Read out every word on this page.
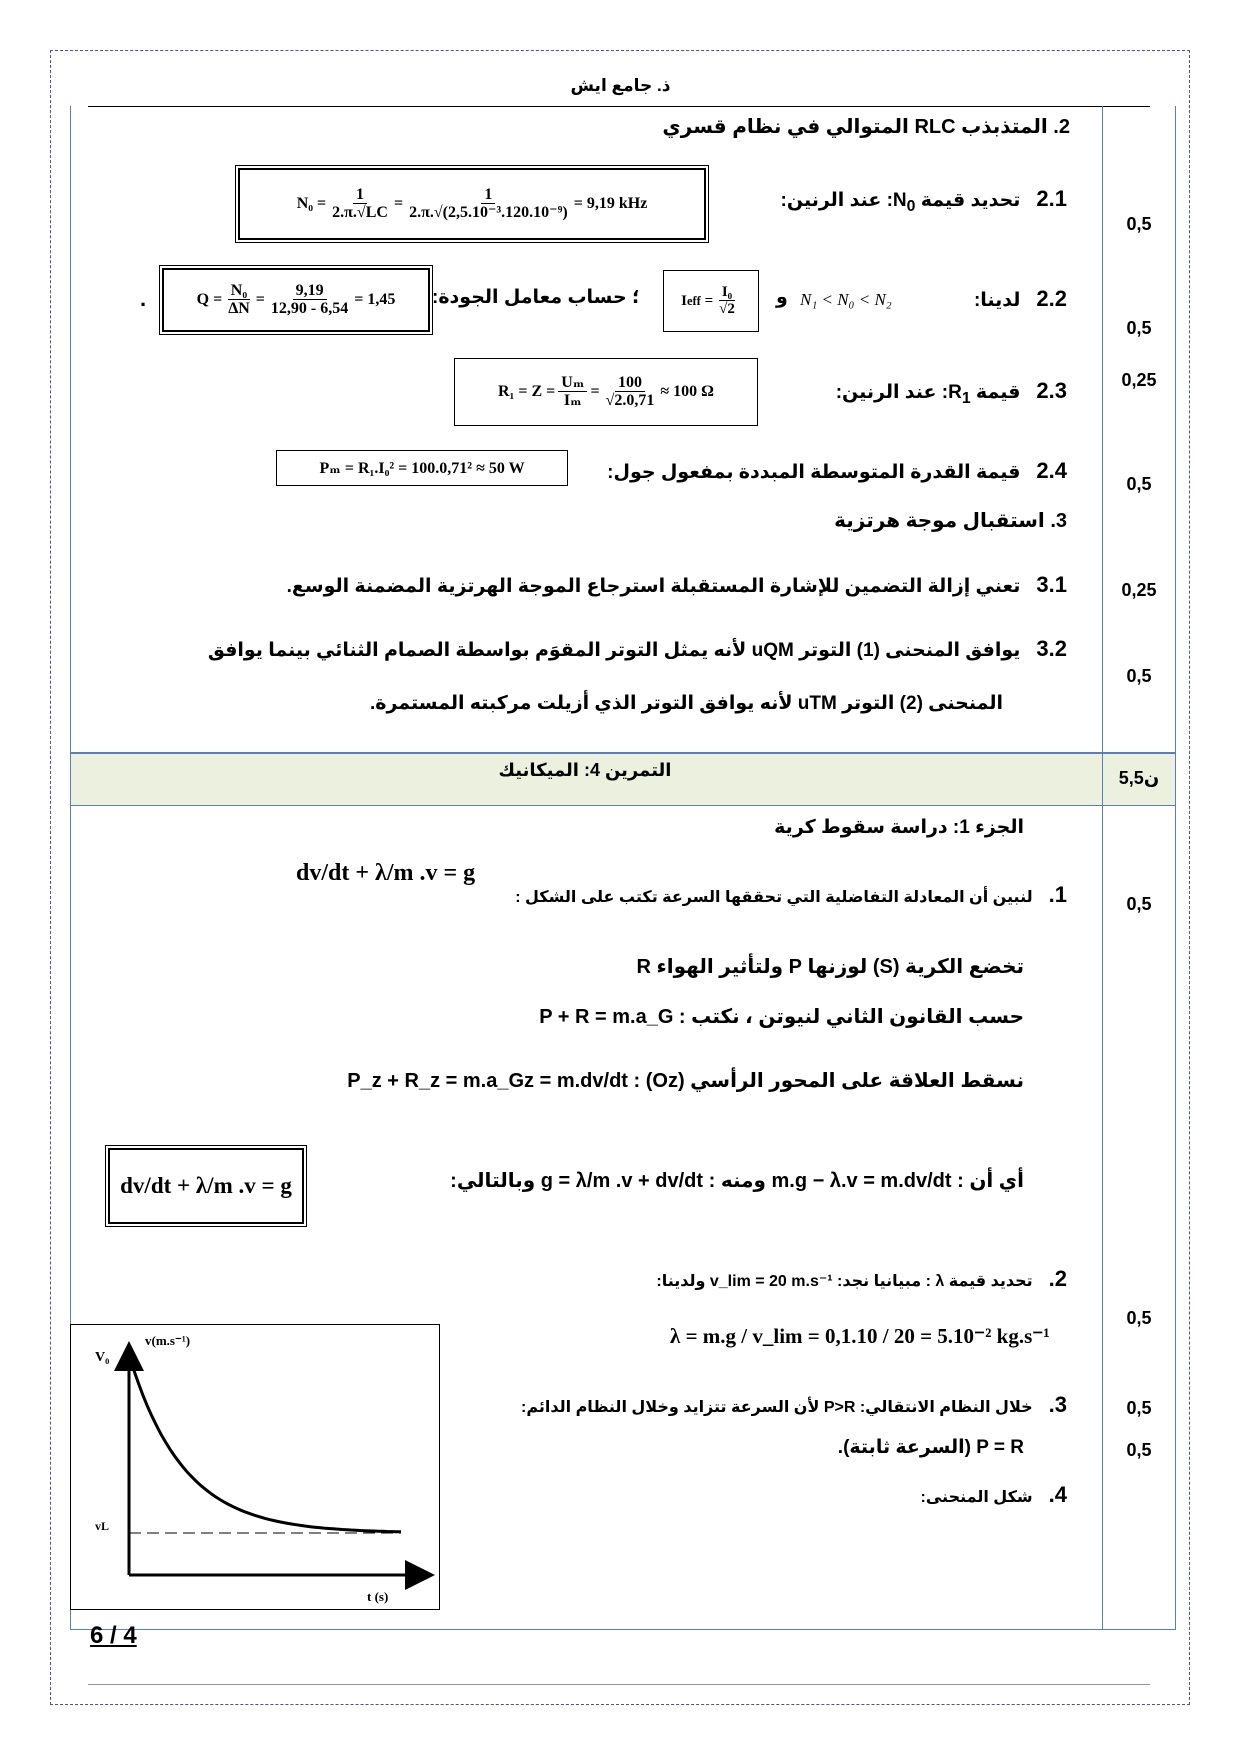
ذ. جامع ايش
2. المتذبذب RLC المتوالي في نظام قسري
2.1تحديد قيمة $N_0$: عند الرنين:
$N_0 = \frac{1}{2.\pi.√LC} = \frac{1}{\text{2.π.√(2,5.10⁻³.120.10⁻⁹)}} = 9,19$ kHz
0,5
2.2لدينا:
N₁ < N₀ < N₂
و
I eff = $\frac{\text{I₀}}{√2}$
؛ حساب معامل الجودة:
$Q = \frac{\text{N₀}}{\Delta N} = \frac{9,19}{12,90 - 6,54} = 1,45$
.
0,5
2.3قيمة $R_1$: عند الرنين:
$R_1 = Z = \frac{\text{Uₘ}}{\text{Iₘ}} = \frac{100}{√2.0,71} \approx 100$ Ω
0,25
2.4قيمة القدرة المتوسطة المبددة بمفعول جول:
Pₘ = R₁.I₀² = 100.0,71² ≈ 50 W
0,5
3. استقبال موجة هرتزية
3.1تعني إزالة التضمين للإشارة المستقبلة استرجاع الموجة الهرتزية المضمنة الوسع.	0,25
3.2يوافق المنحنى (1) التوتر uQM لأنه يمثل التوتر المقوَم بواسطة الصمام الثنائي بينما يوافق
المنحنى (2) التوتر uTM لأنه يوافق التوتر الذي أزيلت مركبته المستمرة.
0,5
التمرين 4: الميكانيك	5,5ن
الجزء 1: دراسة سقوط كرية
1.لنبين أن المعادلة التفاضلية التي تحققها السرعة تكتب على الشكل :
dv/dt + λ/m .v = g
0,5
تخضع الكرية (S) لوزنها P ولتأثير الهواء R
حسب القانون الثاني لنيوتن ، نكتب : P + R = m.a_G
نسقط العلاقة على المحور الرأسي (Oz) : P_z + R_z = m.a_Gz = m.dv/dt
أي أن : m.g − λ.v = m.dv/dt ومنه : g = λ/m .v + dv/dt وبالتالي:
dv/dt + λ/m .v = g
2.تحديد قيمة λ : مبيانيا نجد: v_lim = 20 m.s⁻¹ ولدينا:
λ = m.g / v_lim = 0,1.10 / 20 = 5.10⁻² kg.s⁻¹
0,5
3.خلال النظام الانتقالي: P>R لأن السرعة تتزايد وخلال النظام الدائم:
P = R (السرعة ثابتة).
0,5
0,5
4.شكل المنحنى:
V₀
v(m.s⁻¹)
vL
t (s)
6 / 4
